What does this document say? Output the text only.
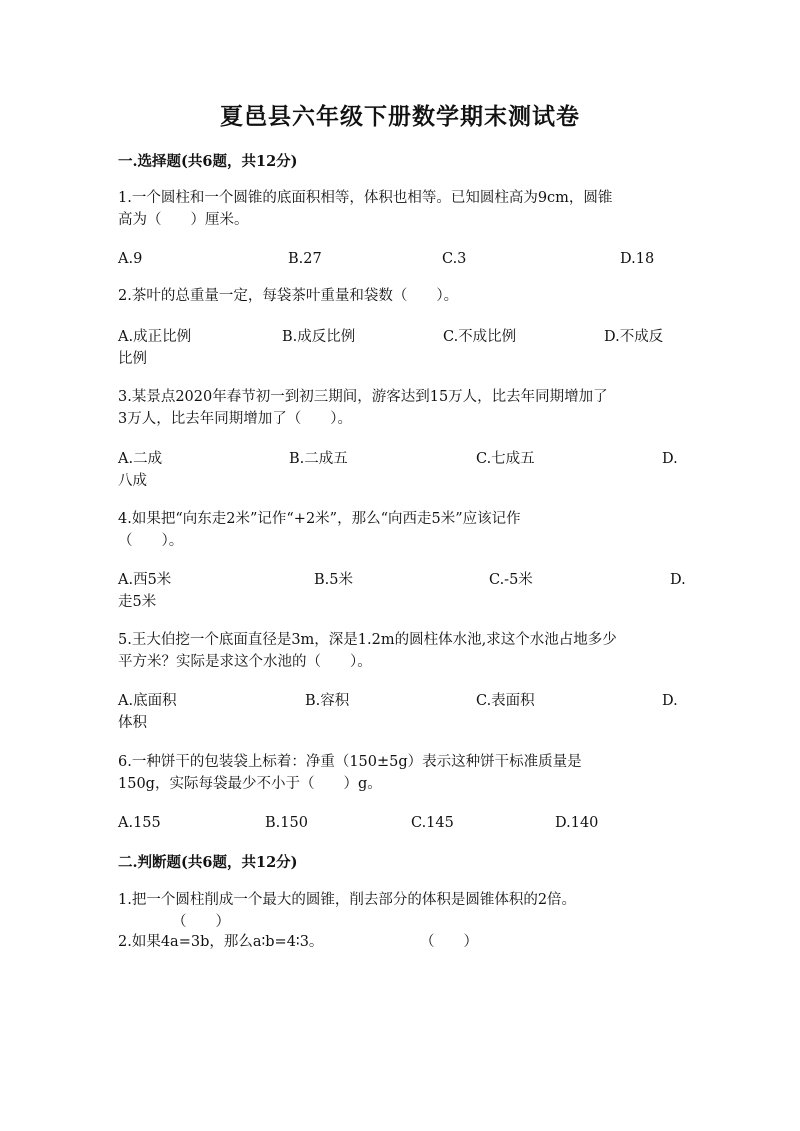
夏邑县六年级下册数学期末测试卷
一.选择题(共6题，共12分)
1.一个圆柱和一个圆锥的底面积相等，体积也相等。已知圆柱高为9cm，圆锥
高为（　　）厘米。
A.9	B.27	C.3	D.18
2.茶叶的总重量一定，每袋茶叶重量和袋数（　　）。
A.成正比例	B.成反比例	C.不成比例	D.不成反
比例
3.某景点2020年春节初一到初三期间，游客达到15万人，比去年同期增加了
3万人，比去年同期增加了（　　）。
A.二成	B.二成五	C.七成五	D.
八成
4.如果把“向东走2米”记作“+2米”，那么“向西走5米”应该记作
（　　）。
A.西5米	B.5米	C.-5米	D.
走5米
5.王大伯挖一个底面直径是3m，深是1.2m的圆柱体水池,求这个水池占地多少
平方米？实际是求这个水池的（　　）。
A.底面积	B.容积	C.表面积	D.
体积
6.一种饼干的包装袋上标着：净重（150±5g）表示这种饼干标准质量是
150g，实际每袋最少不小于（　　）g。
A.155	B.150	C.145	D.140
二.判断题(共6题，共12分)
1.把一个圆柱削成一个最大的圆锥，削去部分的体积是圆锥体积的2倍。
（　　）
2.如果4a=3b，那么a∶b=4∶3。	（　　）
